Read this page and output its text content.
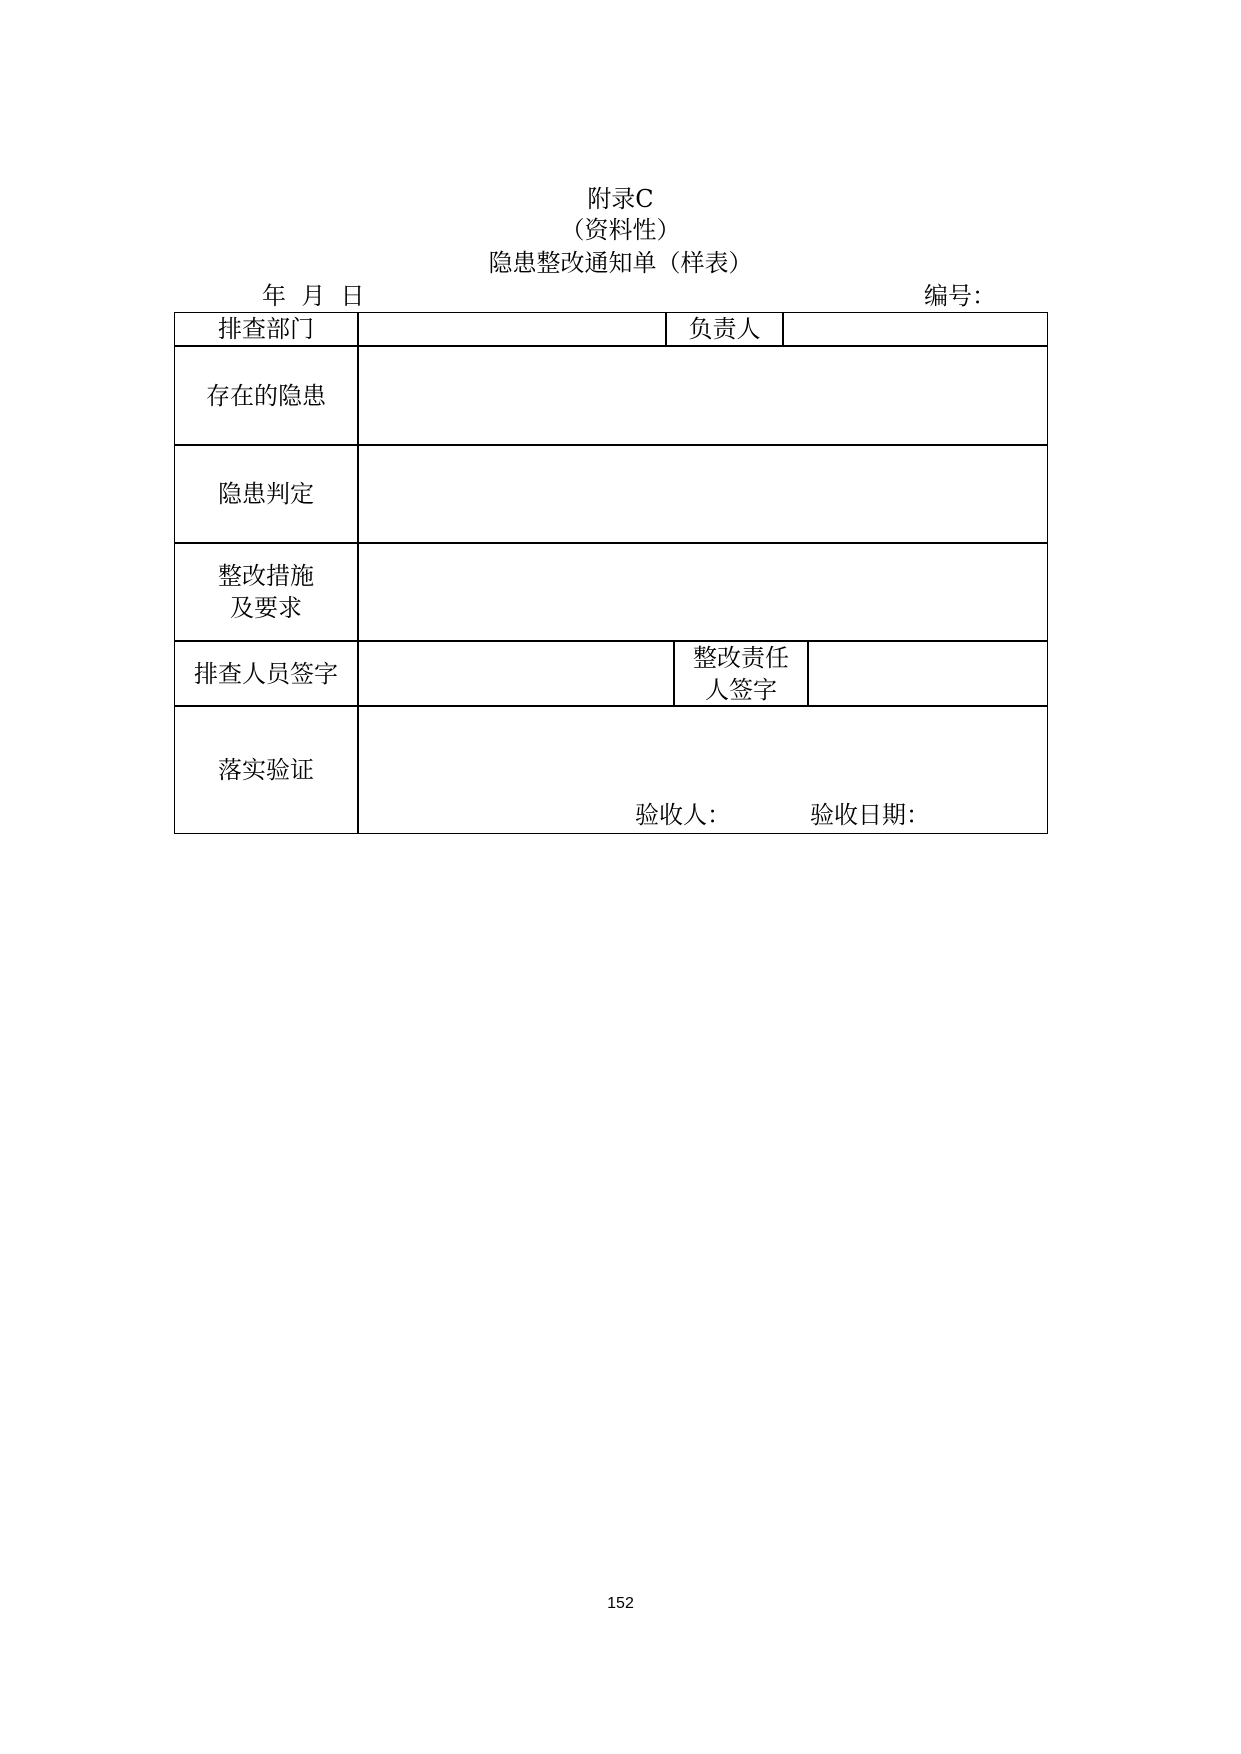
附录C
（资料性）
隐患整改通知单（样表）
年  月  日	编号：
排查部门	负责人
存在的隐患
隐患判定
整改措施
及要求
排查人员签字
整改责任
人签字
落实验证
验收人：	验收日期：
152
